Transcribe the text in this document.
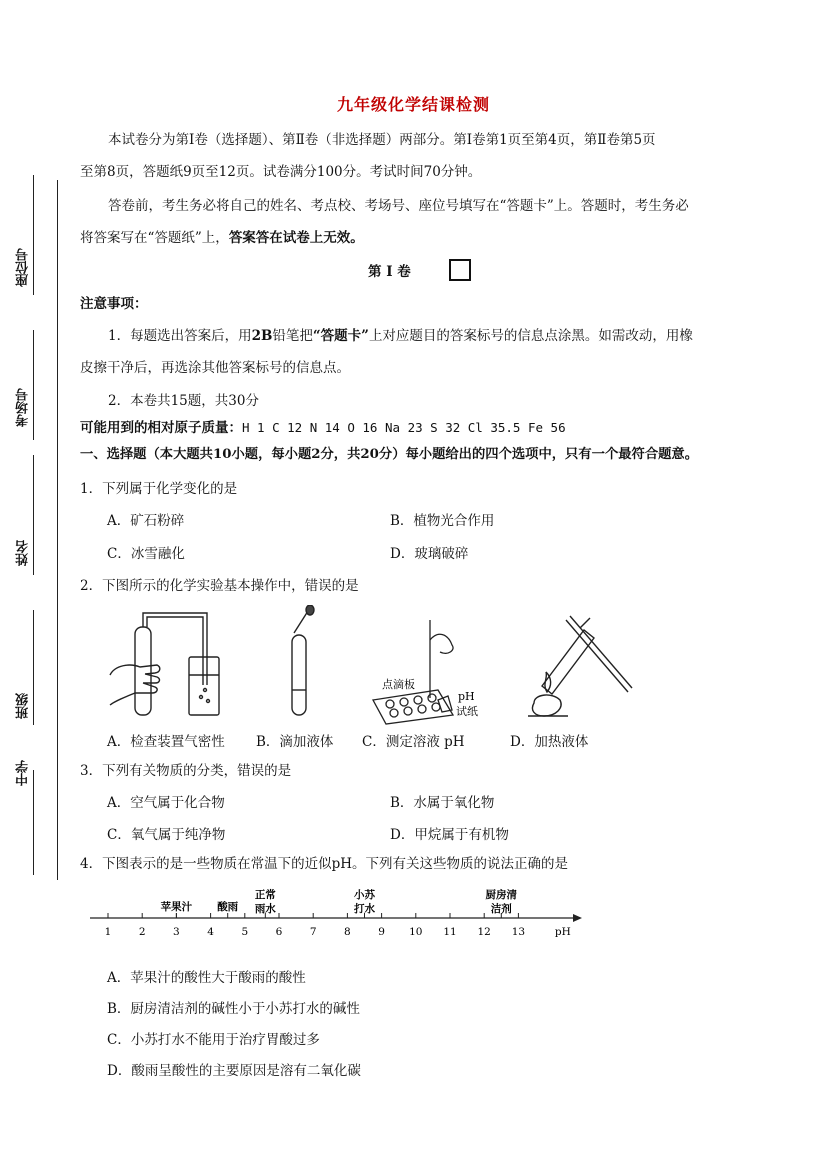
座位号
考场号
姓名
班级
中学
九年级化学结课检测
本试卷分为第Ⅰ卷（选择题）、第Ⅱ卷（非选择题）两部分。第Ⅰ卷第1页至第4页，第Ⅱ卷第5页
至第8页，答题纸9页至12页。试卷满分100分。考试时间70分钟。
答卷前，考生务必将自己的姓名、考点校、考场号、座位号填写在“答题卡”上。答题时，考生务必
将答案写在“答题纸”上，答案答在试卷上无效。
第 Ⅰ 卷
注意事项：
1．每题选出答案后，用2B铅笔把“答题卡”上对应题目的答案标号的信息点涂黑。如需改动，用橡
皮擦干净后，再选涂其他答案标号的信息点。
2．本卷共15题，共30分
可能用到的相对原子质量：H 1 C 12 N 14 O 16 Na 23 S 32 Cl 35.5 Fe 56
一、选择题（本大题共10小题，每小题2分，共20分）每小题给出的四个选项中，只有一个最符合题意。
1．下列属于化学变化的是
A．矿石粉碎	B．植物光合作用
C．冰雪融化	D．玻璃破碎
2．下图所示的化学实验基本操作中，错误的是
点滴板
pH
试纸
A．检查装置气密性 B．滴加液体 C．测定溶液 pH	D．加热液体
3．下列有关物质的分类，错误的是
A．空气属于化合物	B．水属于氧化物
C．氧气属于纯净物	D．甲烷属于有机物
4．下图表示的是一些物质在常温下的近似pH。下列有关这些物质的说法正确的是
1	2	3	4	5	6	7	8	9 10 11 12 13	pH
苹果汁 酸雨
正常
雨水
小苏
打水
厨房清
洁剂
A．苹果汁的酸性大于酸雨的酸性
B．厨房清洁剂的碱性小于小苏打水的碱性
C．小苏打水不能用于治疗胃酸过多
D．酸雨呈酸性的主要原因是溶有二氧化碳
